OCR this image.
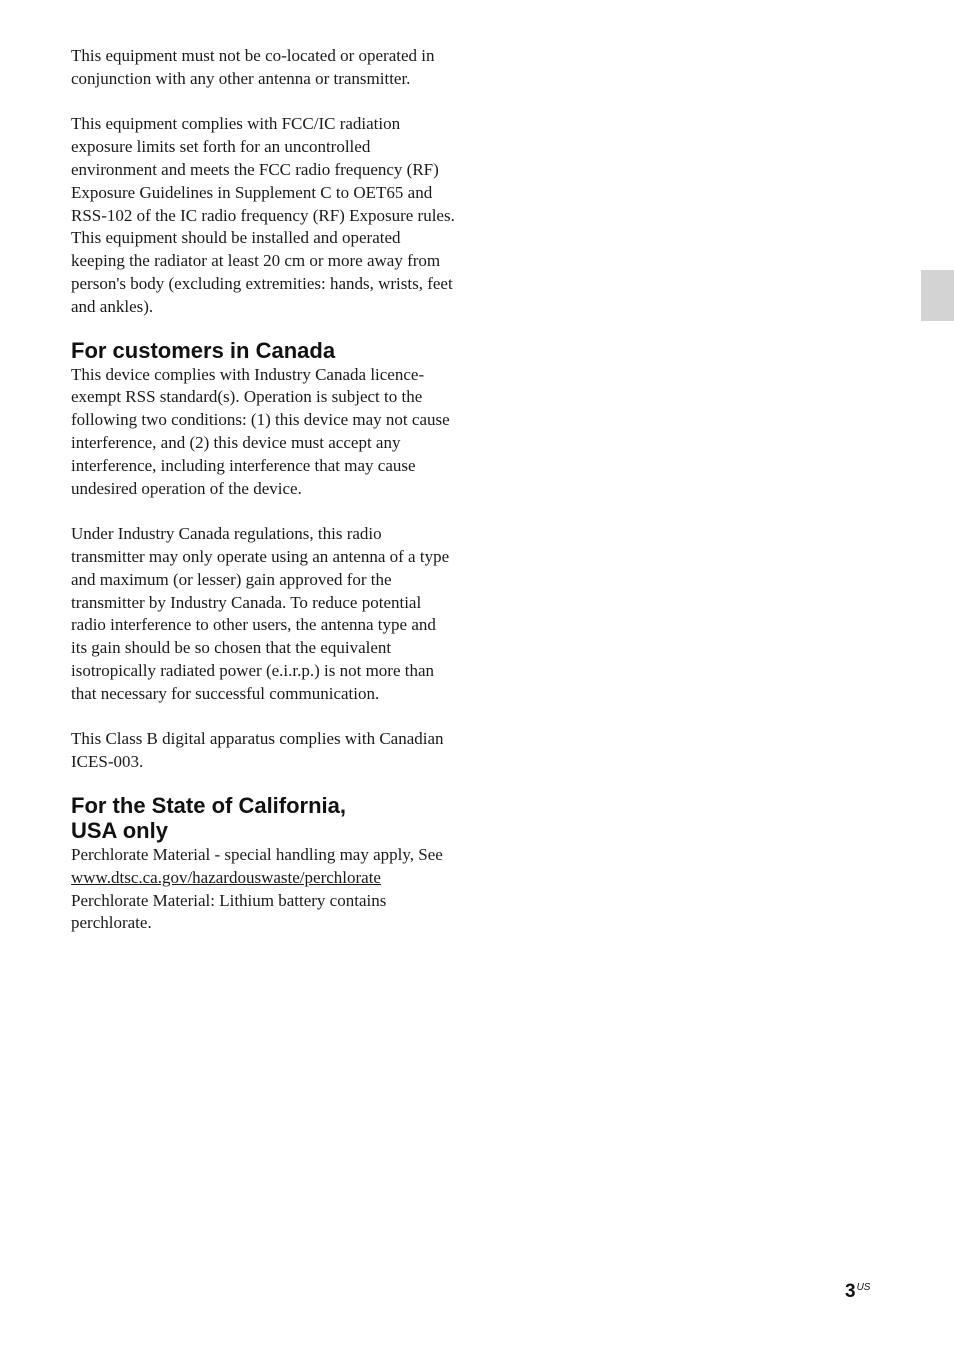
This equipment must not be co-located or operated in conjunction with any other antenna or transmitter.

This equipment complies with FCC/IC radiation exposure limits set forth for an uncontrolled environment and meets the FCC radio frequency (RF) Exposure Guidelines in Supplement C to OET65 and RSS-102 of the IC radio frequency (RF) Exposure rules.

This equipment should be installed and operated keeping the radiator at least 20 cm or more away from person's body (excluding extremities: hands, wrists, feet and ankles).

For customers in Canada

This device complies with Industry Canada licence-exempt RSS standard(s). Operation is subject to the following two conditions: (1) this device may not cause interference, and (2) this device must accept any interference, including interference that may cause undesired operation of the device.

Under Industry Canada regulations, this radio transmitter may only operate using an antenna of a type and maximum (or lesser) gain approved for the transmitter by Industry Canada. To reduce potential radio interference to other users, the antenna type and its gain should be so chosen that the equivalent isotropically radiated power (e.i.r.p.) is not more than that necessary for successful communication.

This Class B digital apparatus complies with Canadian ICES-003.

For the State of California,
USA only

Perchlorate Material - special handling may apply, See

www.dtsc.ca.gov/hazardouswaste/perchlorate

Perchlorate Material: Lithium battery contains perchlorate.

$3^{US}$
